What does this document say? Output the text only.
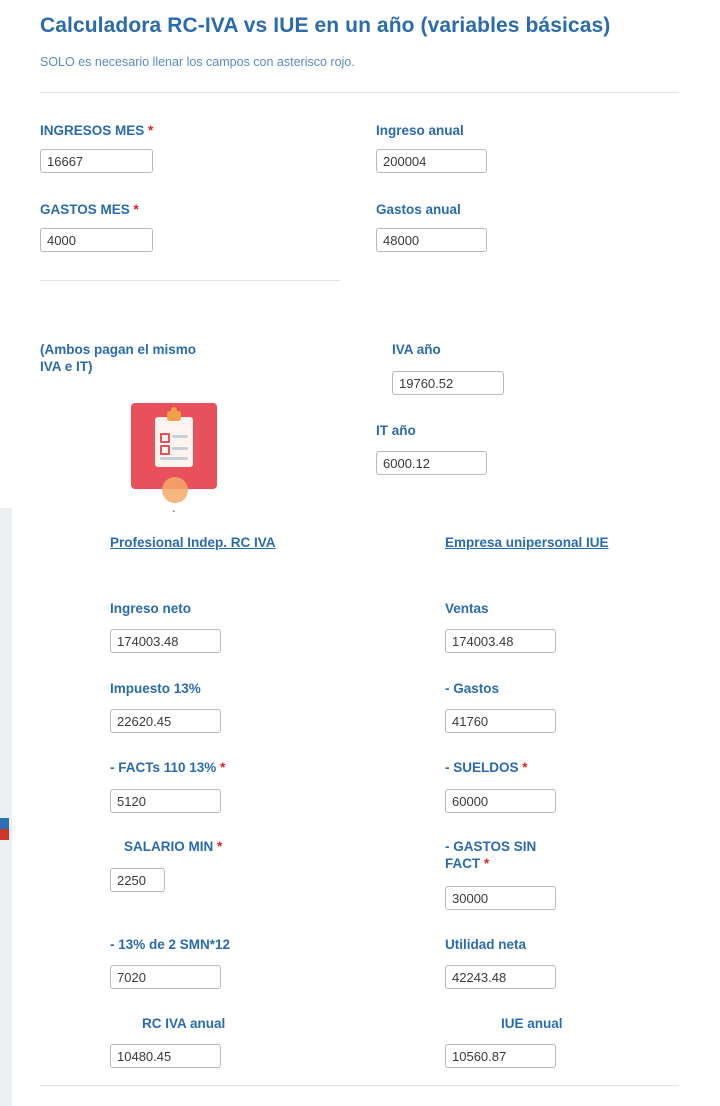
Calculadora RC-IVA vs IUE en un año (variables básicas)
SOLO es necesario llenar los campos con asterisco rojo.
INGRESOS MES *
16667	Ingreso anual
200004
GASTOS MES *
4000	Gastos anual
48000
(Ambos pagan el mismo IVA e IT)
.
IVA año
19760.52
IT año
6000.12
Profesional Indep. RC IVA	Empresa unipersonal IUE
Ingreso neto
174003.48
Impuesto 13%
22620.45
- FACTs 110 13% *
5120
SALARIO MIN *
2250
- 13% de 2 SMN*12
7020
RC IVA anual
10480.45
Ventas
174003.48
- Gastos
41760
- SUELDOS *
60000
- GASTOS SIN FACT *
30000
Utilidad neta
42243.48
IUE anual
10560.87
